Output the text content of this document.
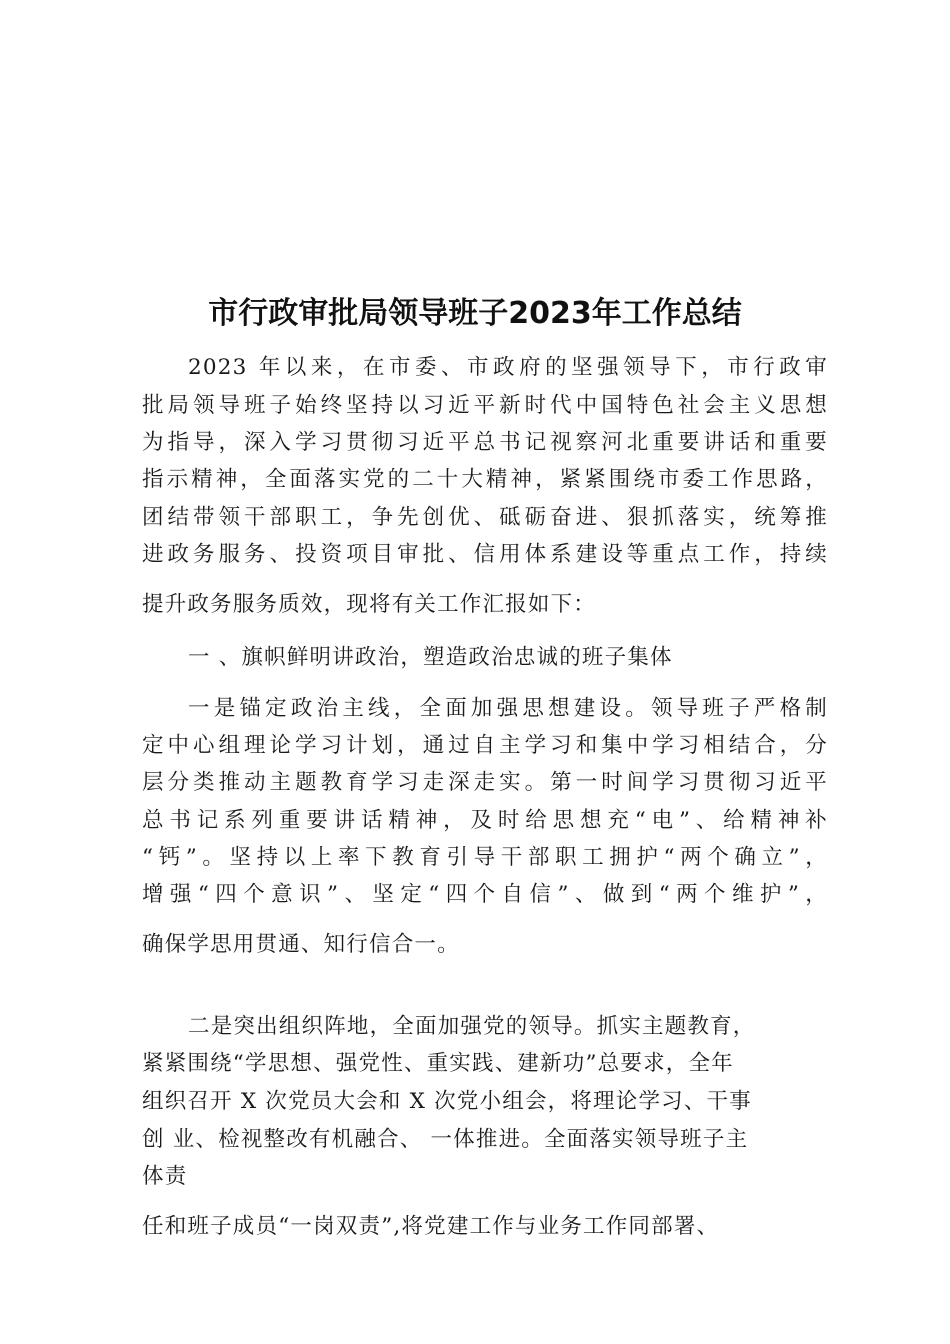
市行政审批局领导班子2023年工作总结
2023 年以来，在市委、市政府的坚强领导下，市行政审
批局领导班子始终坚持以习近平新时代中国特色社会主义思想
为指导，深入学习贯彻习近平总书记视察河北重要讲话和重要
指示精神，全面落实党的二十大精神，紧紧围绕市委工作思路，
团结带领干部职工，争先创优、砥砺奋进、狠抓落实，统筹推
进政务服务、投资项目审批、信用体系建设等重点工作，持续
提升政务服务质效，现将有关工作汇报如下：
一 、旗帜鲜明讲政治，塑造政治忠诚的班子集体
一是锚定政治主线，全面加强思想建设。领导班子严格制
定中心组理论学习计划，通过自主学习和集中学习相结合，分
层分类推动主题教育学习走深走实。第一时间学习贯彻习近平
总书记系列重要讲话精神，及时给思想充“电”、给精神补
“钙”。坚持以上率下教育引导干部职工拥护“两个确立”，
增强“四个意识”、坚定“四个自信”、做到“两个维护”，
确保学思用贯通、知行信合一。
二是突出组织阵地，全面加强党的领导。抓实主题教育，
紧紧围绕“学思想、强党性、重实践、建新功”总要求，全年
组织召开 X 次党员大会和 X 次党小组会，将理论学习、干事
创 业、检视整改有机融合、 一体推进。全面落实领导班子主
体责
任和班子成员“一岗双责”,将党建工作与业务工作同部署、
